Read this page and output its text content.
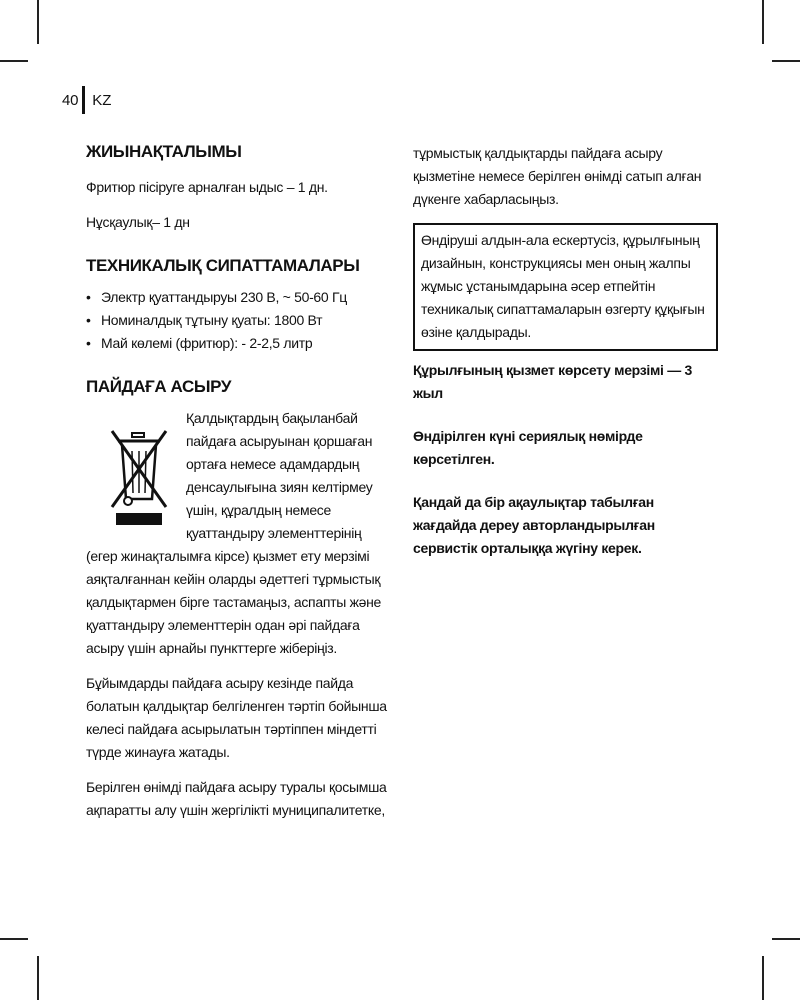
40 KZ
ЖИЫНАҚТАЛЫМЫ

Фритюр пісіруге арналған ыдыс – 1 дн.

Нұсқаулық– 1 дн

ТЕХНИКАЛЫҚ СИПАТТАМАЛАРЫ
• Электр қуаттандыруы 230 В, ~ 50-60 Гц
• Номиналдық тұтыну қуаты: 1800 Вт
• Май көлемі (фритюр): - 2-2,5 литр
ПАЙДАҒА АСЫРУ

Қалдықтардың бақыланбай пайдаға асыруынан қоршаған ортаға немесе адамдардың денсаулығына зиян келтірмеу үшін, құралдың немесе қуаттандыру элементтерінің (егер жинақталымға кірсе) қызмет ету мерзімі аяқталғаннан кейін оларды әдеттегі тұрмыстық қалдықтармен бірге тастамаңыз, аспапты және қуаттандыру элементтерін одан әрі пайдаға асыру үшін арнайы пункттерге жіберіңіз.

Бұйымдарды пайдаға асыру кезінде пайда болатын қалдықтар белгіленген тәртіп бойынша келесі пайдаға асырылатын тәртіппен міндетті түрде жинауға жатады.

Берілген өнімді пайдаға асыру туралы қосымша ақпаратты алу үшін жергілікті муниципалитетке,

тұрмыстық қалдықтарды пайдаға асыру қызметіне немесе берілген өнімді сатып алған дүкенге хабарласыңыз.

Өндіруші алдын-ала ескертусіз, құрылғының дизайнын, конструкциясы мен оның жалпы жұмыс ұстанымдарына әсер етпейтін техникалық сипаттамаларын өзгерту құқығын өзіне қалдырады.

Құрылғының қызмет көрсету мерзімі — 3 жыл

Өндірілген күні сериялық нөмірде көрсетілген.

Қандай да бір ақаулықтар табылған жағдайда дереу авторландырылған сервистік орталыққа жүгіну керек.
